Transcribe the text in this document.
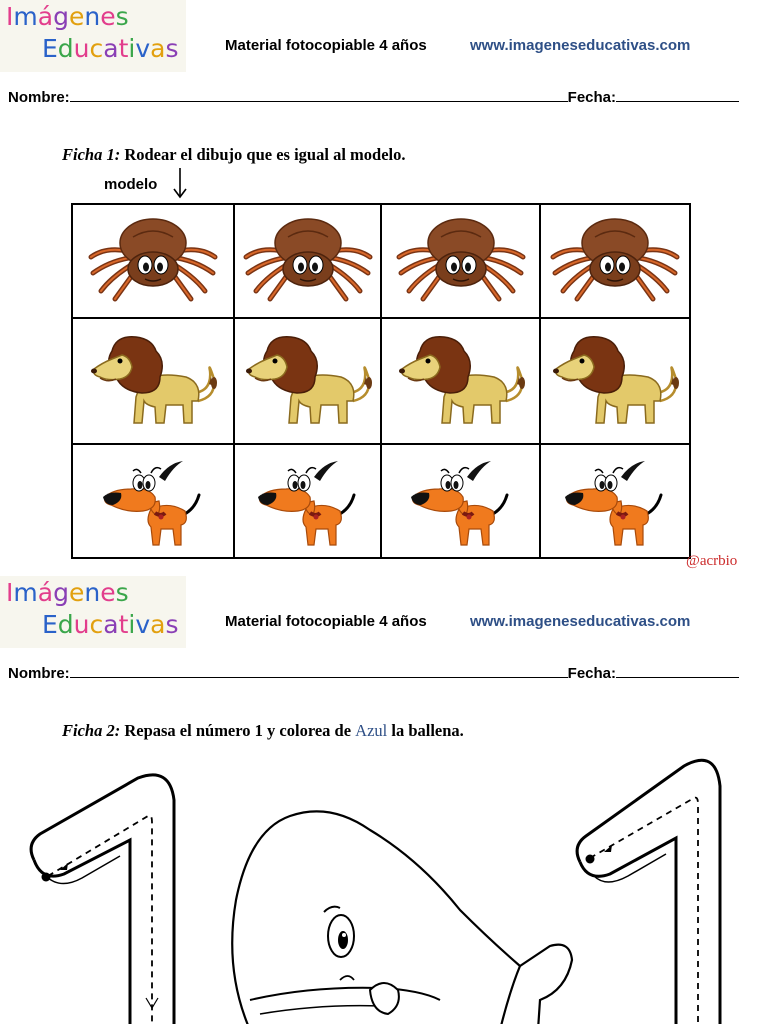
Imágenes
Educativas	Material fotocopiable 4 años	www.imageneseducativas.com
Nombre:	Fecha:
Ficha 1: Rodear el dibujo que es igual al modelo.
modelo

@acrbio
Imágenes
Educativas	Material fotocopiable 4 años	www.imageneseducativas.com
Nombre:	Fecha:
Ficha 2: Repasa el número 1 y colorea de Azul la ballena.
